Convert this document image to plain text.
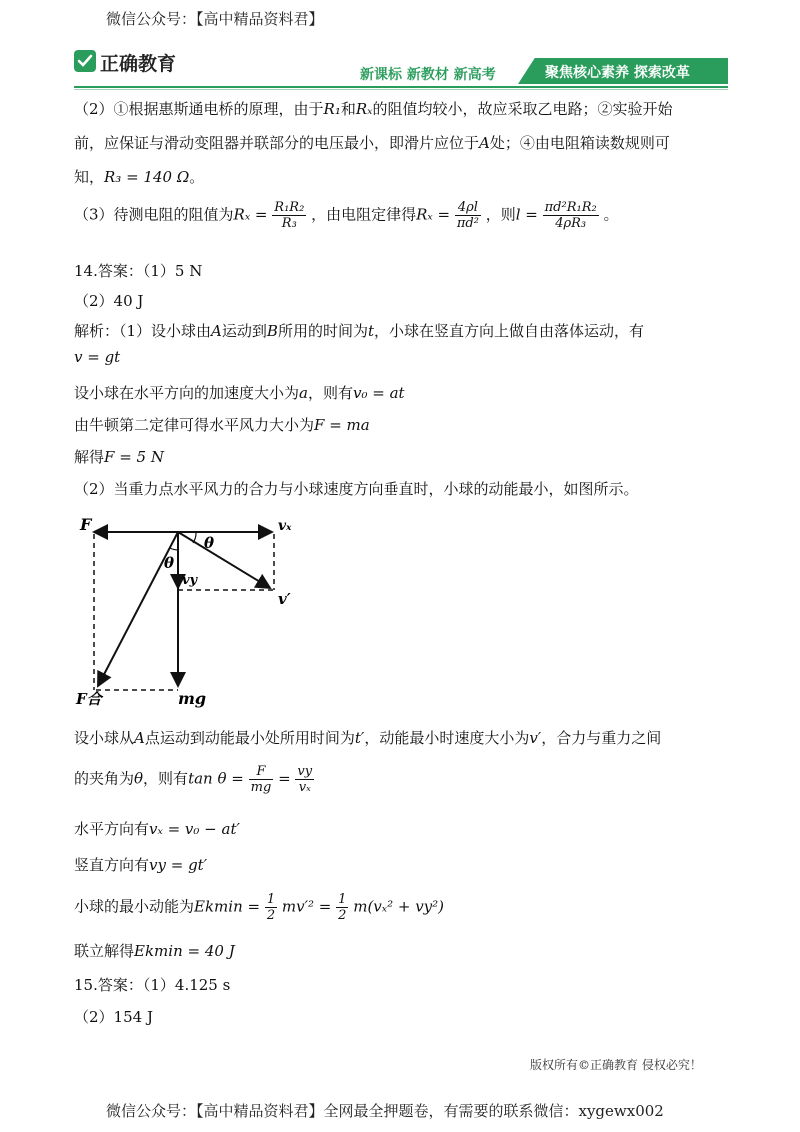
微信公众号：【高中精品资料君】
正确教育	新课标 新教材 新高考	聚焦核心素养 探索改革
（2）①根据惠斯通电桥的原理，由于R₁和Rₓ的阻值均较小，故应采取乙电路；②实验开始
前，应保证与滑动变阻器并联部分的电压最小，即滑片应位于A处；④由电阻箱读数规则可
知，R₃ = 140 Ω。
（3）待测电阻的阻值为$R_x = \frac{\text{R₁R₂}}{\text{R₃}}$ ，由电阻定律得$R_x = \frac{4\rho l}{\text{πd²}}$ ，则$l = \frac{\text{πd²R₁R₂}}{\text{4ρR₃}}$ 。
14.答案：（1）5 N
（2）40 J
解析：（1）设小球由A运动到B所用的时间为t，小球在竖直方向上做自由落体运动，有
v = gt
设小球在水平方向的加速度大小为a，则有v₀ = at
由牛顿第二定律可得水平风力大小为F = ma
解得F = 5 N
（2）当重力点水平风力的合力与小球速度方向垂直时，小球的动能最小，如图所示。
F	vₓ
θ
θ
vy
v′
F合	mg
设小球从A点运动到动能最小处所用时间为t′，动能最小时速度大小为v′，合力与重力之间
的夹角为θ，则有$\tan \theta = \frac{F}{mg} = \frac{vy}{\text{vₓ}}$
水平方向有vₓ = v₀ − at′
竖直方向有vy = gt′
小球的最小动能为$Ekmin = \frac{1}{2} mv'^2 = \frac{1}{2} m(v_x^2 + vy^2)$
联立解得Ekmin = 40 J
15.答案：（1）4.125 s
（2）154 J
版权所有©正确教育 侵权必究！
微信公众号：【高中精品资料君】全网最全押题卷，有需要的联系微信：xygewx002
